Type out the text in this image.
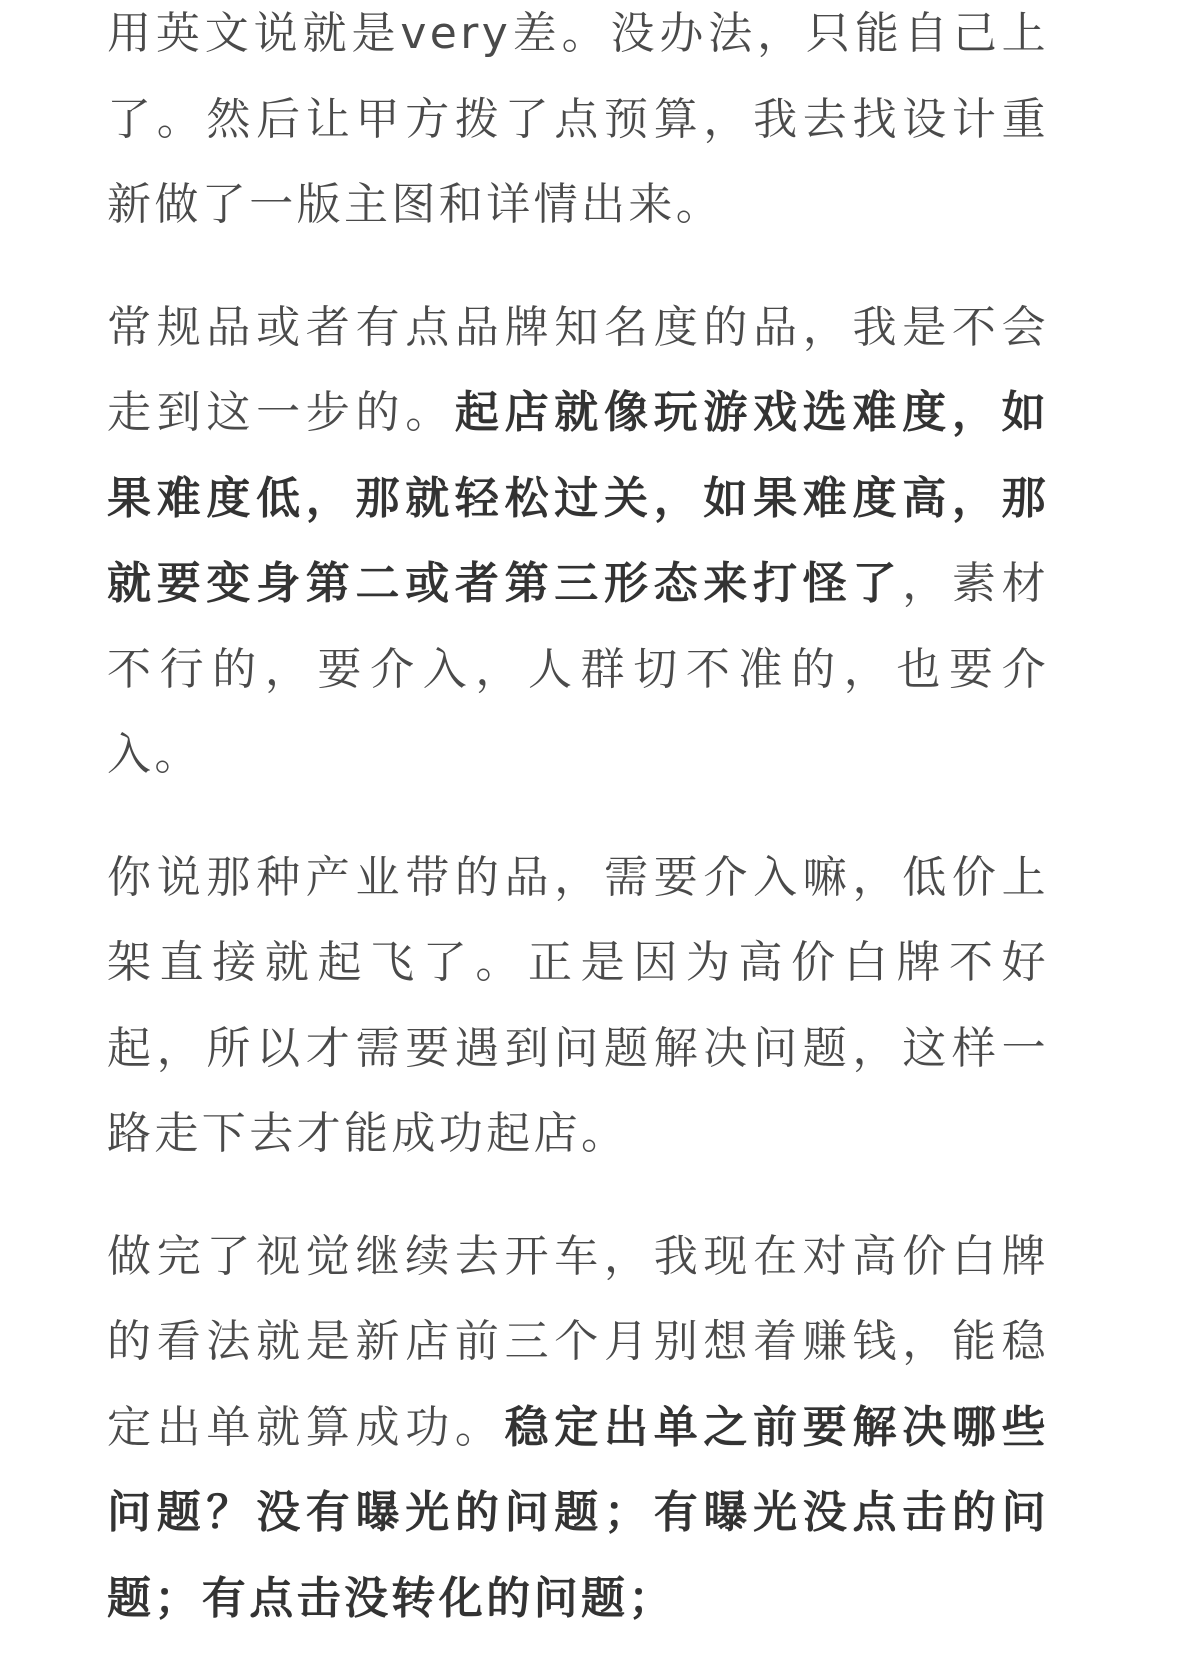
用英文说就是very差。没办法，只能自己上了。然后让甲方拨了点预算，我去找设计重新做了一版主图和详情出来。

常规品或者有点品牌知名度的品，我是不会走到这一步的。起店就像玩游戏选难度，如果难度低，那就轻松过关，如果难度高，那就要变身第二或者第三形态来打怪了，素材不行的，要介入，人群切不准的，也要介入。

你说那种产业带的品，需要介入嘛，低价上架直接就起飞了。正是因为高价白牌不好起，所以才需要遇到问题解决问题，这样一路走下去才能成功起店。

做完了视觉继续去开车，我现在对高价白牌的看法就是新店前三个月别想着赚钱，能稳定出单就算成功。稳定出单之前要解决哪些问题？没有曝光的问题；有曝光没点击的问题；有点击没转化的问题；
